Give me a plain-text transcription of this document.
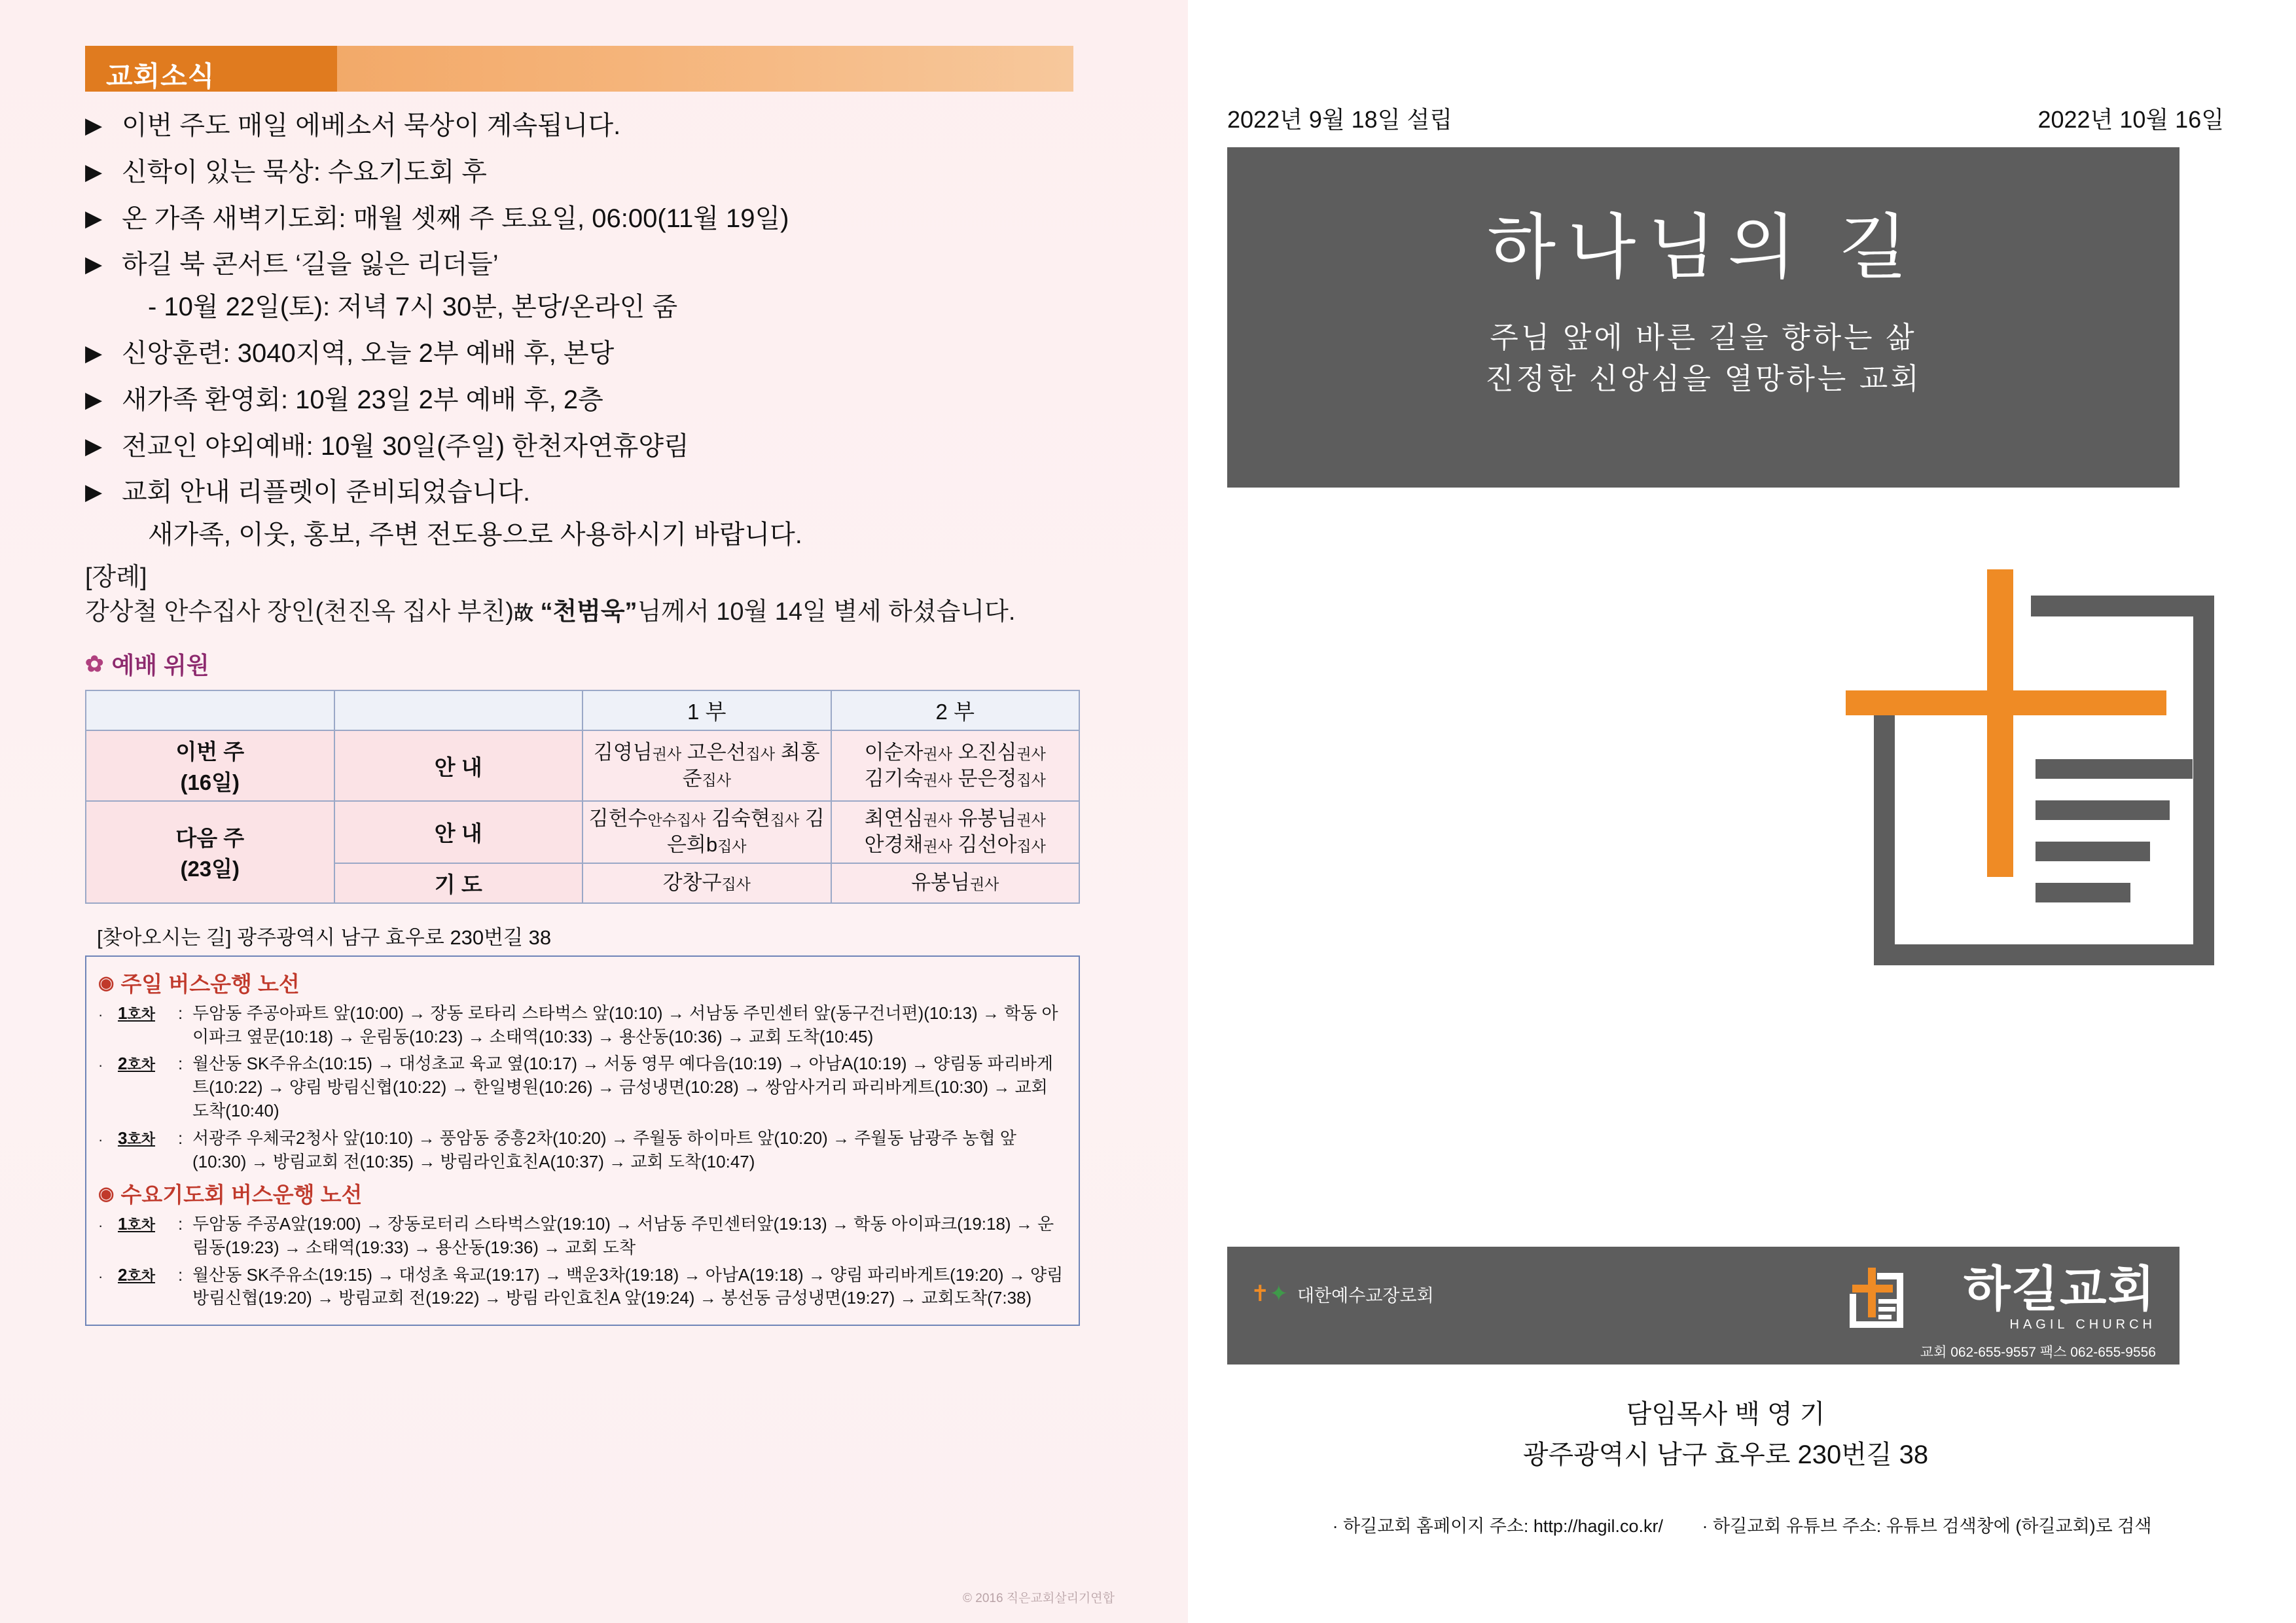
교회소식
▶ 이번 주도 매일 에베소서 묵상이 계속됩니다.
▶ 신학이 있는 묵상: 수요기도회 후
▶ 온 가족 새벽기도회: 매월 셋째 주 토요일, 06:00(11월 19일)
▶ 하길 북 콘서트 ‘길을 잃은 리더들’
- 10월 22일(토): 저녁 7시 30분, 본당/온라인 줌
▶ 신앙훈련: 3040지역, 오늘 2부 예배 후, 본당
▶ 새가족 환영회: 10월 23일 2부 예배 후, 2층
▶ 전교인 야외예배: 10월 30일(주일) 한천자연휴양림
▶ 교회 안내 리플렛이 준비되었습니다.
새가족, 이웃, 홍보, 주변 전도용으로 사용하시기 바랍니다.
[장례]
강상철 안수집사 장인(천진옥 집사 부친)故 “천범욱”님께서 10월 14일 별세 하셨습니다.
✿ 예배 위원
		1 부	2 부
이번 주
(16일)	안 내	김영님권사 고은선집사 최홍준집사	이순자권사 오진심권사
김기숙권사 문은정집사
다음 주
(23일)	안 내	김헌수안수집사 김숙현집사 김은희b집사	최연심권사 유봉님권사
안경채권사 김선아집사
	기 도	강창구집사	유봉님권사
[찾아오시는 길] 광주광역시 남구 효우로 230번길 38
◉ 주일 버스운행 노선
· 1호차	: 두암동 주공아파트 앞(10:00) → 장동 로타리 스타벅스 앞(10:10) → 서남동 주민센터 앞(동구건너편)(10:13) → 학동 아이파크 옆문(10:18) → 운림동(10:23) → 소태역(10:33) → 용산동(10:36) → 교회 도착(10:45)
· 2호차	: 월산동 SK주유소(10:15) → 대성초교 육교 옆(10:17) → 서동 영무 예다음(10:19) → 아남A(10:19) → 양림동 파리바게트(10:22) → 양림 방림신협(10:22) → 한일병원(10:26) → 금성냉면(10:28) → 쌍암사거리 파리바게트(10:30) → 교회 도착(10:40)
· 3호차	: 서광주 우체국2청사 앞(10:10) → 풍암동 중흥2차(10:20) → 주월동 하이마트 앞(10:20) → 주월동 남광주 농협 앞(10:30) → 방림교회 전(10:35) → 방림라인효친A(10:37) → 교회 도착(10:47)
◉ 수요기도회 버스운행 노선
· 1호차	: 두암동 주공A앞(19:00) → 장동로터리 스타벅스앞(19:10) → 서남동 주민센터앞(19:13) → 학동 아이파크(19:18) → 운림동(19:23) → 소태역(19:33) → 용산동(19:36) → 교회 도착
· 2호차	: 월산동 SK주유소(19:15) → 대성초 육교(19:17) → 백운3차(19:18) → 아남A(19:18) → 양림 파리바게트(19:20) → 양림 방림신협(19:20) → 방림교회 전(19:22) → 방림 라인효친A 앞(19:24) → 봉선동 금성냉면(19:27) → 교회도착(7:38)
© 2016 직은교회살리기연합
2022년 9월 18일 설립	2022년 10월 16일
하나님의 길
주님 앞에 바른 길을 향하는 삶
진정한 신앙심을 열망하는 교회
✝✦ 대한예수교장로회	하길교회
HAGIL CHURCH
교회 062-655-9557 팩스 062-655-9556
담임목사 백 영 기
광주광역시 남구 효우로 230번길 38
· 하길교회 홈페이지 주소: http://hagil.co.kr/ · 하길교회 유튜브 주소: 유튜브 검색창에 (하길교회)로 검색
